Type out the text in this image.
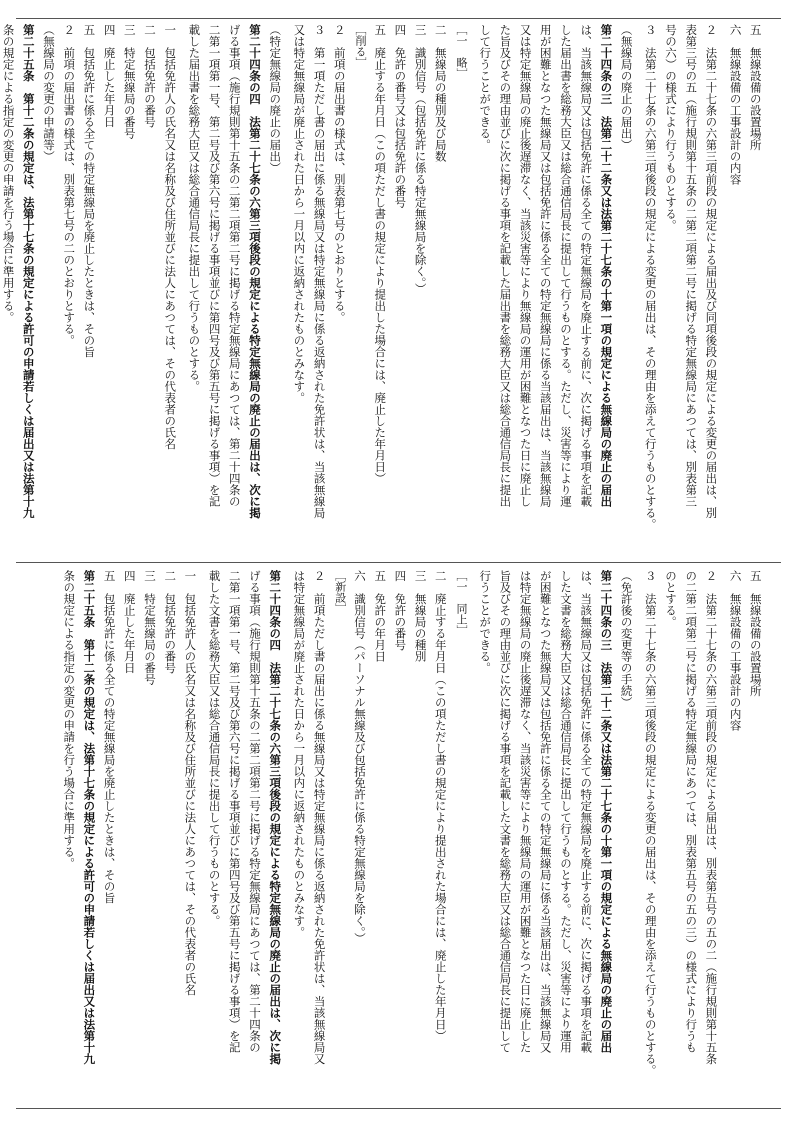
五　無線設備の設置場所
六　無線設備の工事設計の内容
２　法第二十七条の六第三項前段の規定による届出及び同項後段の規定による変更の届出は、別
表第三号の五（施行規則第十五条の二第二項第二号に掲げる特定無線局にあつては、別表第三
号の六）の様式により行うものとする。
３　法第二十七条の六第三項後段の規定による変更の届出は、その理由を添えて行うものとする。
（無線局の廃止の届出）
第二十四条の三　法第二十二条又は法第二十七条の十第一項の規定による無線局の廃止の届出
は、当該無線局又は包括免許に係る全ての特定無線局を廃止する前に、次に掲げる事項を記載
した届出書を総務大臣又は総合通信局長に提出して行うものとする。ただし、災害等により運
用が困難となつた無線局又は包括免許に係る全ての特定無線局に係る当該届出は、当該無線局
又は特定無線局の廃止後遅滞なく、当該災害等により無線局の運用が困難となつた日に廃止し
た旨及びその理由並びに次に掲げる事項を記載した届出書を総務大臣又は総合通信局長に提出
して行うことができる。
［一　略］
二　無線局の種別及び局数
三　識別信号（包括免許に係る特定無線局を除く。）
四　免許の番号又は包括免許の番号
五　廃止する年月日（この項ただし書の規定により提出した場合には、廃止した年月日）
［削る］
２　前項の届出書の様式は、別表第七号のとおりとする。
３　第一項ただし書の届出に係る無線局又は特定無線局に係る返納された免許状は、当該無線局
又は特定無線局が廃止された日から一月以内に返納されたものとみなす。
（特定無線局の廃止の届出）
第二十四条の四　法第二十七条の六第三項後段の規定による特定無線局の廃止の届出は、次に掲
げる事項（施行規則第十五条の二第二項第二号に掲げる特定無線局にあつては、第二十四条の
二第一項第一号、第二号及び第六号に掲げる事項並びに第四号及び第五号に掲げる事項）を記
載した届出書を総務大臣又は総合通信局長に提出して行うものとする。
一　包括免許人の氏名又は名称及び住所並びに法人にあつては、その代表者の氏名
二　包括免許の番号
三　特定無線局の番号
四　廃止した年月日
五　包括免許に係る全ての特定無線局を廃止したときは、その旨
２　前項の届出書の様式は、別表第七号の二のとおりとする。
（無線局の変更の申請等）
第二十五条　第十二条の規定は、法第十七条の規定による許可の申請若しくは届出又は法第十九
条の規定による指定の変更の申請を行う場合に準用する。
五　無線設備の設置場所
六　無線設備の工事設計の内容
２　法第二十七条の六第三項前段の規定による届出は、別表第五号の五の二（施行規則第十五条
の二第二項第二号に掲げる特定無線局にあつては、別表第五号の五の三）の様式により行うも
のとする。
３　法第二十七条の六第三項後段の規定による変更の届出は、その理由を添えて行うものとする。
（免許後の変更等の手続）
第二十四条の三　法第二十二条又は法第二十七条の十第一項の規定による無線局の廃止の届出
は、当該無線局又は包括免許に係る全ての特定無線局を廃止する前に、次に掲げる事項を記載
した文書を総務大臣又は総合通信局長に提出して行うものとする。ただし、災害等により運用
が困難となつた無線局又は包括免許に係る全ての特定無線局に係る当該届出は、当該無線局又
は特定無線局の廃止後遅滞なく、当該災害等により無線局の運用が困難となつた日に廃止した
旨及びその理由並びに次に掲げる事項を記載した文書を総務大臣又は総合通信局長に提出して
行うことができる。
［一　同上］
二　廃止する年月日（この項ただし書の規定により提出された場合には、廃止した年月日）
三　無線局の種別
四　免許の番号
五　免許の年月日
六　識別信号（パーソナル無線及び包括免許に係る特定無線局を除く。）
［新設］
２　前項ただし書の届出に係る無線局又は特定無線局に係る返納された免許状は、当該無線局又
は特定無線局が廃止された日から一月以内に返納されたものとみなす。
第二十四条の四　法第二十七条の六第三項後段の規定による特定無線局の廃止の届出は、次に掲
げる事項（施行規則第十五条の二第二項第二号に掲げる特定無線局にあつては、第二十四条の
二第一項第一号、第二号及び第六号に掲げる事項並びに第四号及び第五号に掲げる事項）を記
載した文書を総務大臣又は総合通信局長に提出して行うものとする。
一　包括免許人の氏名又は名称及び住所並びに法人にあつては、その代表者の氏名
二　包括免許の番号
三　特定無線局の番号
四　廃止した年月日
五　包括免許に係る全ての特定無線局を廃止したときは、その旨
第二十五条　第十二条の規定は、法第十七条の規定による許可の申請若しくは届出又は法第十九
条の規定による指定の変更の申請を行う場合に準用する。
